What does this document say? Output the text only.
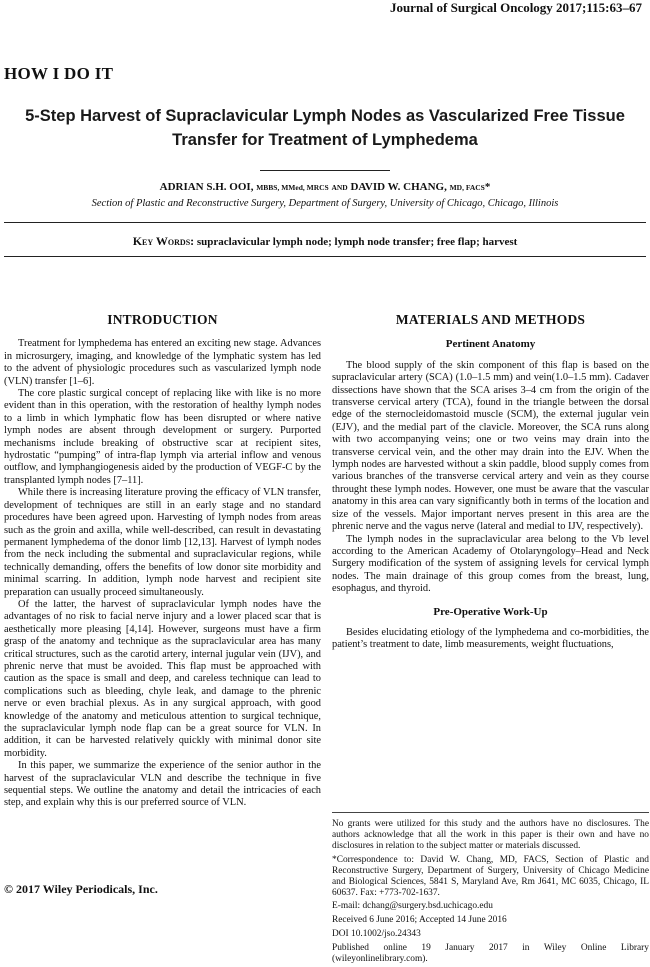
Journal of Surgical Oncology 2017;115:63–67
HOW I DO IT
5-Step Harvest of Supraclavicular Lymph Nodes as Vascularized Free Tissue
Transfer for Treatment of Lymphedema
ADRIAN S.H. OOI, MBBS, MMed, MRCS AND DAVID W. CHANG, MD, FACS*
Section of Plastic and Reconstructive Surgery, Department of Surgery, University of Chicago, Chicago, Illinois
Key Words: supraclavicular lymph node; lymph node transfer; free flap; harvest
INTRODUCTION

Treatment for lymphedema has entered an exciting new stage. Advances in microsurgery, imaging, and knowledge of the lymphatic system has led to the advent of physiologic procedures such as vascularized lymph node (VLN) transfer [1–6].

The core plastic surgical concept of replacing like with like is no more evident than in this operation, with the restoration of healthy lymph nodes to a limb in which lymphatic flow has been disrupted or where native lymph nodes are absent through development or surgery. Purported mechanisms include breaking of obstructive scar at recipient sites, hydrostatic “pumping” of intra-flap lymph via arterial inflow and venous outflow, and lymphangiogenesis aided by the production of VEGF-C by the transplanted lymph nodes [7–11].

While there is increasing literature proving the efficacy of VLN transfer, development of techniques are still in an early stage and no standard procedures have been agreed upon. Harvesting of lymph nodes from areas such as the groin and axilla, while well-described, can result in devastating permanent lymphedema of the donor limb [12,13]. Harvest of lymph nodes from the neck including the submental and supraclavicular regions, while technically demanding, offers the benefits of low donor site morbidity and minimal scarring. In addition, lymph node harvest and recipient site preparation can usually proceed simultaneously.

Of the latter, the harvest of supraclavicular lymph nodes have the advantages of no risk to facial nerve injury and a lower placed scar that is aesthetically more pleasing [4,14]. However, surgeons must have a firm grasp of the anatomy and technique as the supraclavicular area has many critical structures, such as the carotid artery, internal jugular vein (IJV), and phrenic nerve that must be avoided. This flap must be approached with caution as the space is small and deep, and careless technique can lead to complications such as bleeding, chyle leak, and damage to the phrenic nerve or even brachial plexus. As in any surgical approach, with good knowledge of the anatomy and meticulous attention to surgical technique, the supraclavicular lymph node flap can be a great source for VLN. In addition, it can be harvested relatively quickly with minimal donor site morbidity.

In this paper, we summarize the experience of the senior author in the harvest of the supraclavicular VLN and describe the technique in five sequential steps. We outline the anatomy and detail the intricacies of each step, and explain why this is our preferred source of VLN.

MATERIALS AND METHODS
Pertinent Anatomy

The blood supply of the skin component of this flap is based on the supraclavicular artery (SCA) (1.0–1.5 mm) and vein(1.0–1.5 mm). Cadaver dissections have shown that the SCA arises 3–4 cm from the origin of the transverse cervical artery (TCA), found in the triangle between the dorsal edge of the sternocleidomastoid muscle (SCM), the external jugular vein (EJV), and the medial part of the clavicle. Moreover, the SCA runs along with two accompanying veins; one or two veins may drain into the transverse cervical vein, and the other may drain into the EJV. When the lymph nodes are harvested without a skin paddle, blood supply comes from various branches of the transverse cervical artery and vein as they course throught these lymph nodes. However, one must be aware that the vascular anatomy in this area can vary significantly both in terms of the location and size of the vessels. Major important nerves present in this area are the phrenic nerve and the vagus nerve (lateral and medial to IJV, respectively).

The lymph nodes in the supraclavicular area belong to the Vb level according to the American Academy of Otolaryngology–Head and Neck Surgery modification of the system of assigning levels for cervical lymph nodes. The main drainage of this group comes from the breast, lung, esophagus, and thyroid.

Pre-Operative Work-Up

Besides elucidating etiology of the lymphedema and co-morbidities, the patient’s treatment to date, limb measurements, weight fluctuations,

No grants were utilized for this study and the authors have no disclosures. The authors acknowledge that all the work in this paper is their own and have no disclosures in relation to the subject matter or materials discussed.

*Correspondence to: David W. Chang, MD, FACS, Section of Plastic and Reconstructive Surgery, Department of Surgery, University of Chicago Medicine and Biological Sciences, 5841 S, Maryland Ave, Rm J641, MC 6035, Chicago, IL 60637. Fax: +773-702-1637.

E-mail: dchang@surgery.bsd.uchicago.edu

Received 6 June 2016; Accepted 14 June 2016

DOI 10.1002/jso.24343

Published online 19 January 2017 in Wiley Online Library (wileyonlinelibrary.com).

© 2017 Wiley Periodicals, Inc.
